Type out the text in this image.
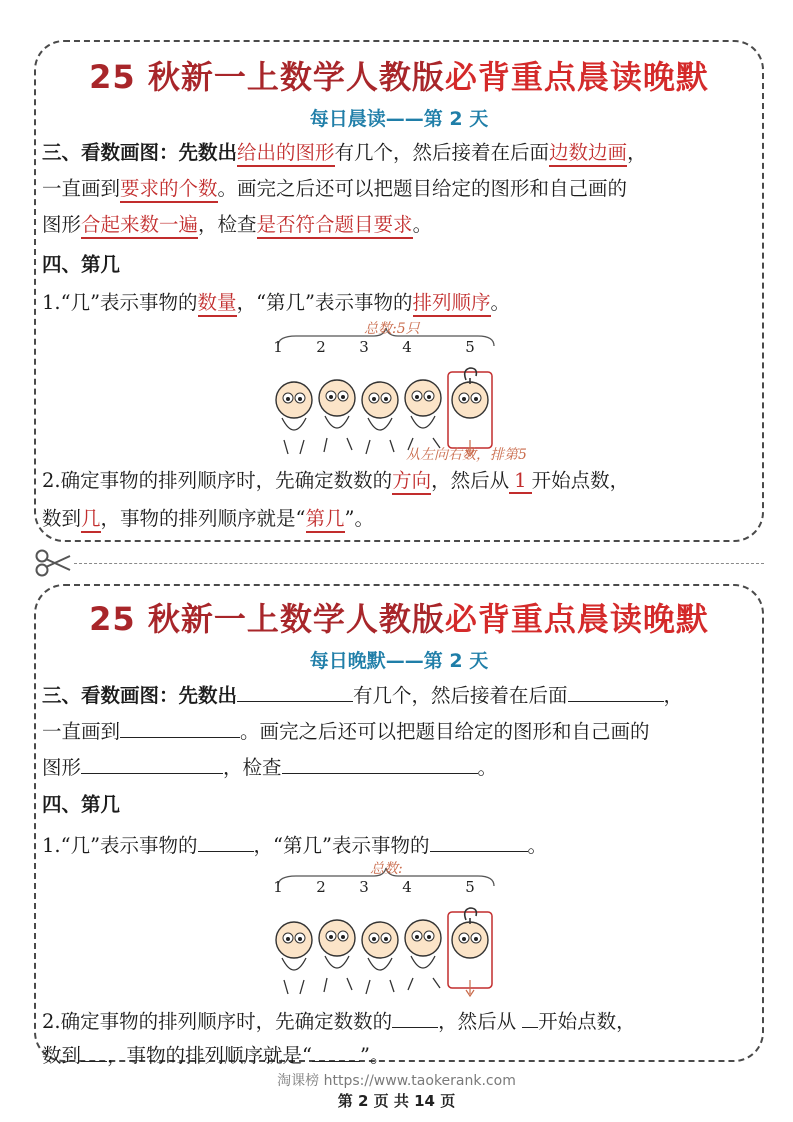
25 秋新一上数学人教版必背重点晨读晚默
每日晨读——第 2 天
三、看数画图：先数出给出的图形有几个，然后接着在后面边数边画，
一直画到要求的个数。画完之后还可以把题目给定的图形和自己画的
图形合起来数一遍，检查是否符合题目要求。
四、第几
1.“几”表示事物的数量，“第几”表示事物的排列顺序。
1 2 3 4	5
总数:5只
从左向右数，排第5
2.确定事物的排列顺序时，先确定数数的方向，然后从 1 开始点数，
数到几，事物的排列顺序就是“第几”。
25 秋新一上数学人教版必背重点晨读晚默
每日晚默——第 2 天
三、看数画图：先数出	有几个，然后接着在后面	，
一直画到	。画完之后还可以把题目给定的图形和自己画的
图形	，检查	。
四、第几
1.“几”表示事物的	，“第几”表示事物的	。
1 2 3 4	5
总数:
2.确定事物的排列顺序时，先确定数数的 ，然后从 开始点数，
数到 ，事物的排列顺序就是“ ”。
淘课榜 https://www.taokerank.com
第 2 页 共 14 页
